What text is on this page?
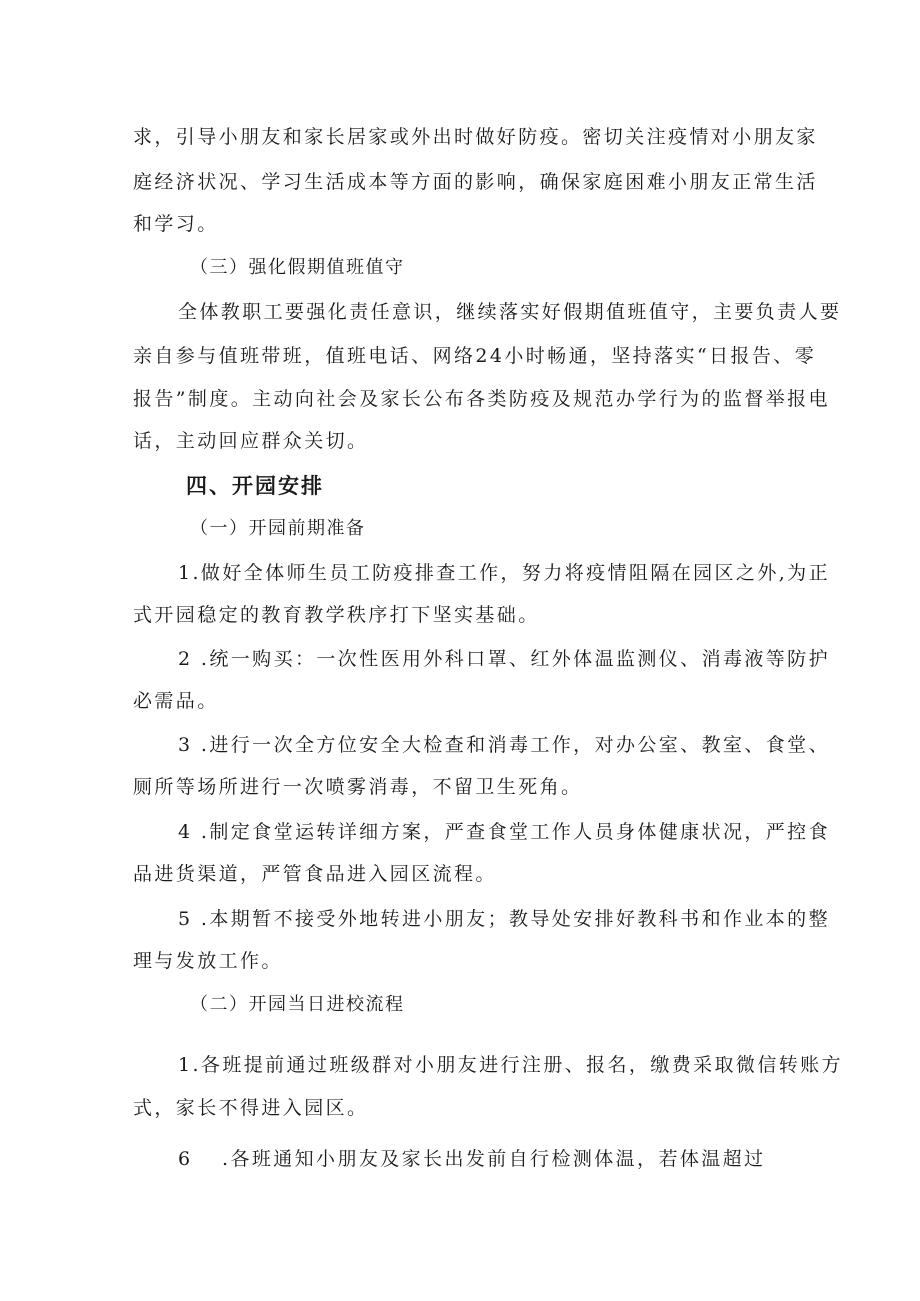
求，引导小朋友和家长居家或外出时做好防疫。密切关注疫情对小朋友家
庭经济状况、学习生活成本等方面的影响，确保家庭困难小朋友正常生活
和学习。
（三）强化假期值班值守
全体教职工要强化责任意识，继续落实好假期值班值守，主要负责人要
亲自参与值班带班，值班电话、网络24小时畅通，坚持落实“日报告、零
报告”制度。主动向社会及家长公布各类防疫及规范办学行为的监督举报电
话，主动回应群众关切。
四、开园安排
（一）开园前期准备
1.做好全体师生员工防疫排查工作，努力将疫情阻隔在园区之外,为正
式开园稳定的教育教学秩序打下坚实基础。
2 .统一购买：一次性医用外科口罩、红外体温监测仪、消毒液等防护
必需品。
3 .进行一次全方位安全大检查和消毒工作，对办公室、教室、食堂、
厕所等场所进行一次喷雾消毒，不留卫生死角。
4 .制定食堂运转详细方案，严查食堂工作人员身体健康状况，严控食
品进货渠道，严管食品进入园区流程。
5 .本期暂不接受外地转进小朋友；教导处安排好教科书和作业本的整
理与发放工作。
（二）开园当日进校流程
1.各班提前通过班级群对小朋友进行注册、报名，缴费采取微信转账方
式，家长不得进入园区。
6 .各班通知小朋友及家长出发前自行检测体温，若体温超过
